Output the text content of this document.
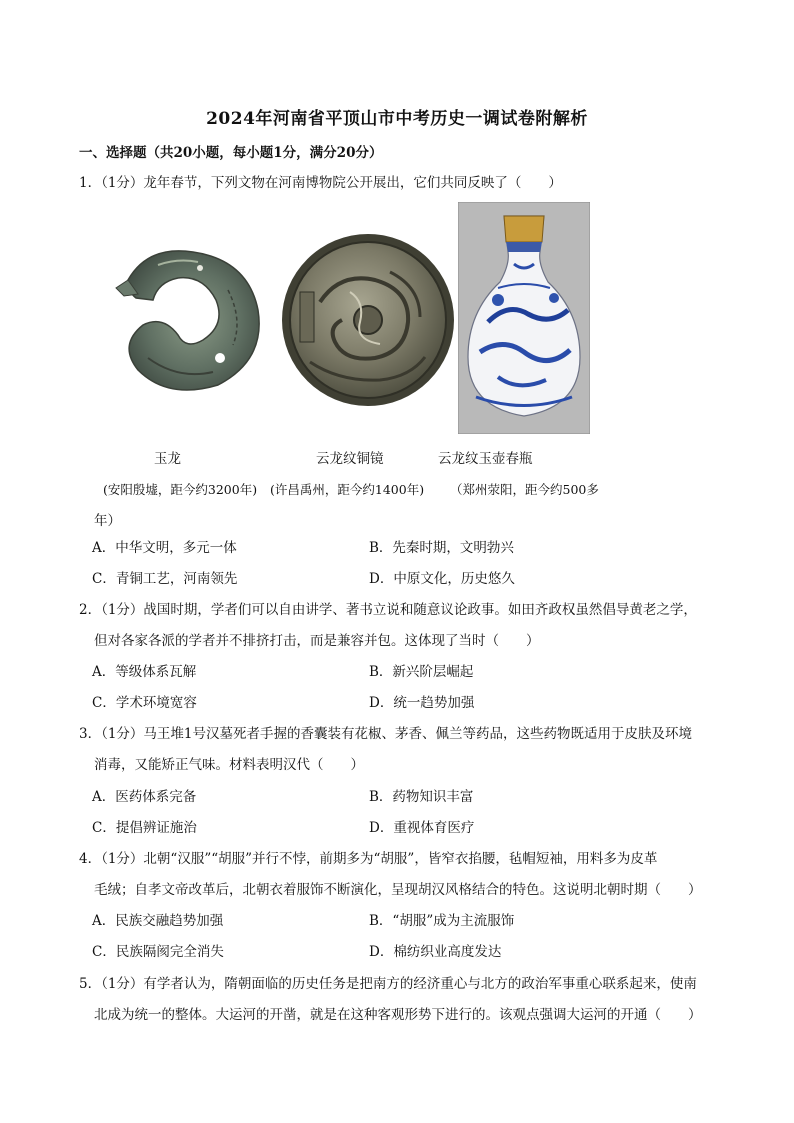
2024年河南省平顶山市中考历史一调试卷附解析
一、选择题（共20小题，每小题1分，满分20分）
1．（1分）龙年春节，下列文物在河南博物院公开展出，它们共同反映了（　　）
玉龙	云龙纹铜镜	云龙纹玉壶春瓶
(安阳殷墟，距今约3200年) (许昌禹州，距今约1400年) （郑州荥阳，距今约500多
年）
A．中华文明，多元一体	B．先秦时期，文明勃兴
C．青铜工艺，河南领先	D．中原文化，历史悠久
2．（1分）战国时期，学者们可以自由讲学、著书立说和随意议论政事。如田齐政权虽然倡导黄老之学，
但对各家各派的学者并不排挤打击，而是兼容并包。这体现了当时（　　）
A．等级体系瓦解	B．新兴阶层崛起
C．学术环境宽容	D．统一趋势加强
3．（1分）马王堆1号汉墓死者手握的香囊装有花椒、茅香、佩兰等药品，这些药物既适用于皮肤及环境
消毒，又能矫正气味。材料表明汉代（　　）
A．医药体系完备	B．药物知识丰富
C．提倡辨证施治	D．重视体育医疗
4．（1分）北朝“汉服”“胡服”并行不悖，前期多为“胡服”，皆窄衣掐腰，毡帽短袖，用料多为皮革
毛绒；自孝文帝改革后，北朝衣着服饰不断演化，呈现胡汉风格结合的特色。这说明北朝时期（　　）
A．民族交融趋势加强	B．“胡服”成为主流服饰
C．民族隔阂完全消失	D．棉纺织业高度发达
5．（1分）有学者认为，隋朝面临的历史任务是把南方的经济重心与北方的政治军事重心联系起来，使南
北成为统一的整体。大运河的开凿，就是在这种客观形势下进行的。该观点强调大运河的开通（　　）
